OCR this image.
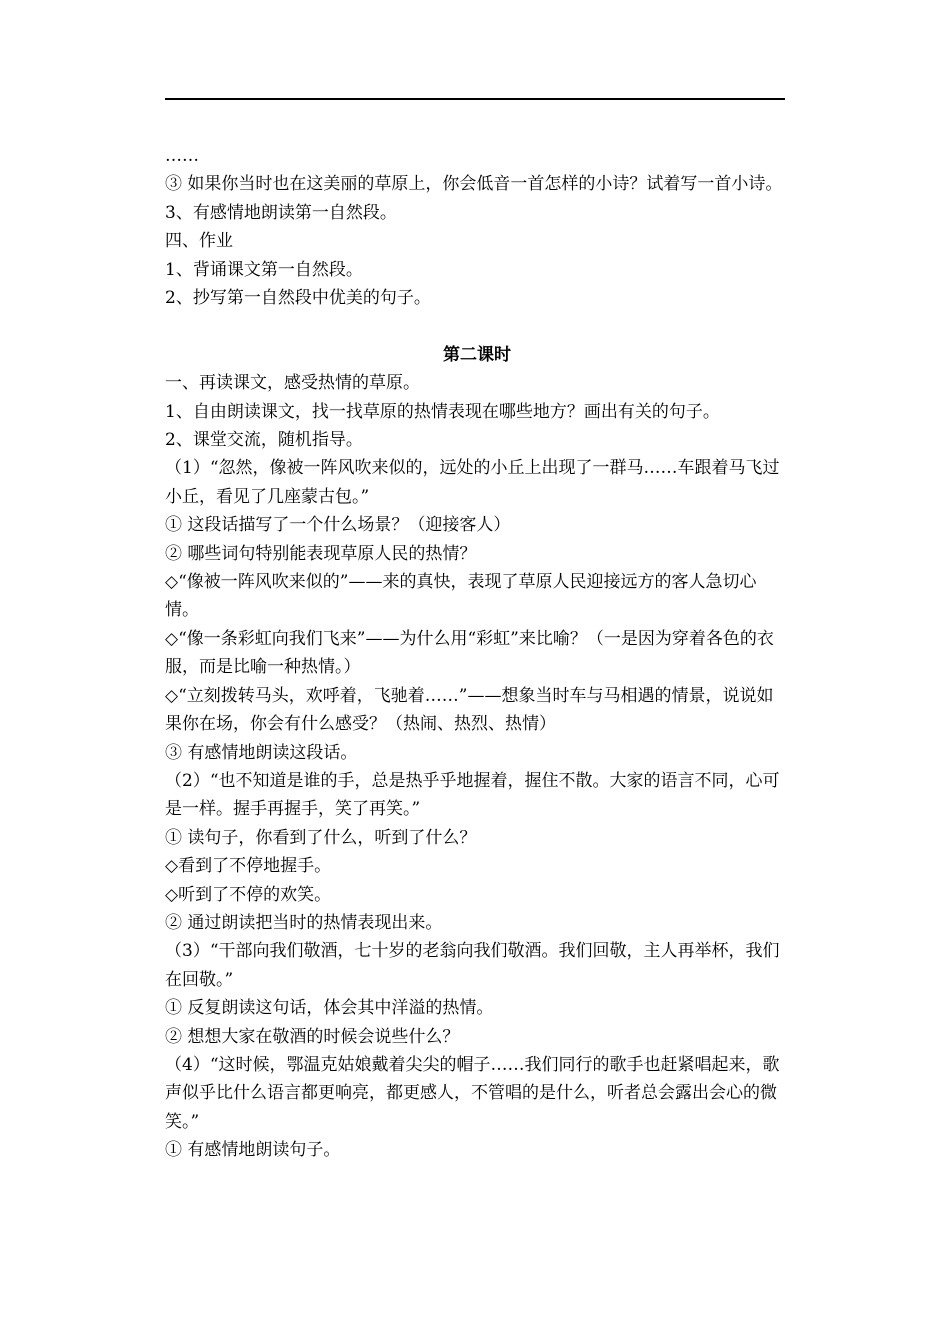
……
③ 如果你当时也在这美丽的草原上，你会低音一首怎样的小诗？试着写一首小诗。
3、有感情地朗读第一自然段。
四、作业
1、背诵课文第一自然段。
2、抄写第一自然段中优美的句子。
第二课时
一、再读课文，感受热情的草原。
1、自由朗读课文，找一找草原的热情表现在哪些地方？画出有关的句子。
2、课堂交流，随机指导。
（1）“忽然，像被一阵风吹来似的，远处的小丘上出现了一群马……车跟着马飞过小丘，看见了几座蒙古包。”
① 这段话描写了一个什么场景？（迎接客人）
② 哪些词句特别能表现草原人民的热情？
◇“像被一阵风吹来似的”——来的真快，表现了草原人民迎接远方的客人急切心情。
◇“像一条彩虹向我们飞来”——为什么用“彩虹”来比喻？（一是因为穿着各色的衣服，而是比喻一种热情。）
◇“立刻拨转马头，欢呼着，飞驰着……”——想象当时车与马相遇的情景，说说如果你在场，你会有什么感受？（热闹、热烈、热情）
③ 有感情地朗读这段话。
（2）“也不知道是谁的手，总是热乎乎地握着，握住不散。大家的语言不同，心可是一样。握手再握手，笑了再笑。”
① 读句子，你看到了什么，听到了什么？
◇看到了不停地握手。
◇听到了不停的欢笑。
② 通过朗读把当时的热情表现出来。
（3）“干部向我们敬酒，七十岁的老翁向我们敬酒。我们回敬，主人再举杯，我们在回敬。”
① 反复朗读这句话，体会其中洋溢的热情。
② 想想大家在敬酒的时候会说些什么？
（4）“这时候，鄂温克姑娘戴着尖尖的帽子……我们同行的歌手也赶紧唱起来，歌声似乎比什么语言都更响亮，都更感人，不管唱的是什么，听者总会露出会心的微笑。”
① 有感情地朗读句子。
